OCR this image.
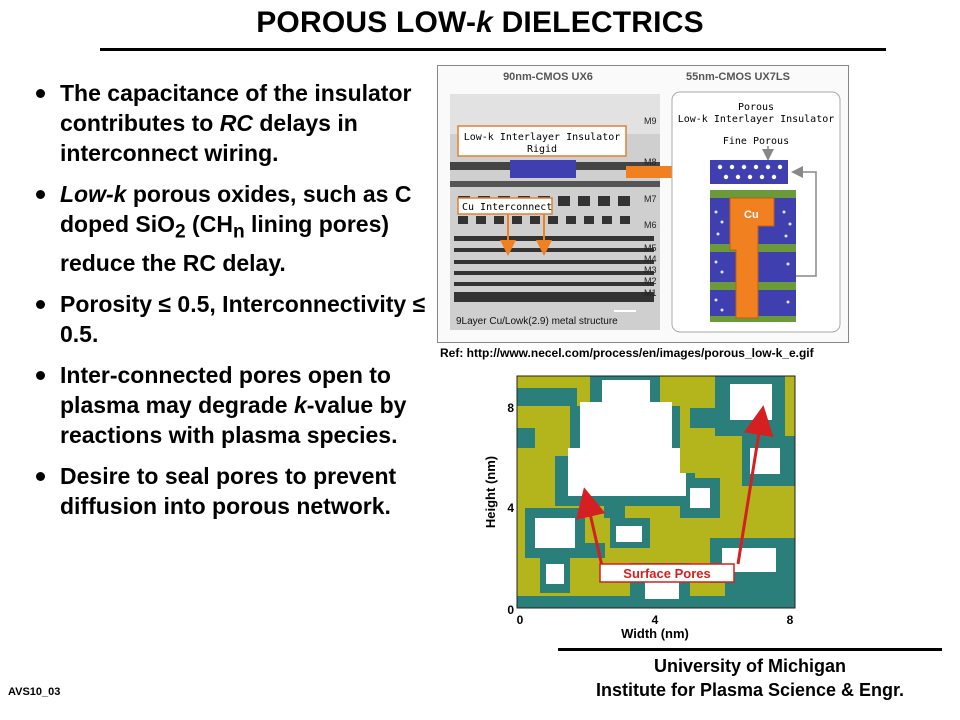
POROUS LOW-k DIELECTRICS
The capacitance of the insulator contributes to RC delays in interconnect wiring.
Low-k porous oxides, such as C doped SiO$_2$ ($CH_n$ lining pores) reduce the RC delay.
Porosity ≤ 0.5, Interconnectivity ≤ 0.5.
Inter-connected pores open to plasma may degrade k-value by reactions with plasma species.
Desire to seal pores to prevent diffusion into porous network.
90nm-CMOS UX6	55nm-CMOS UX7LS
9Layer Cu/Lowk(2.9) metal structure
Low-k Interlayer Insulator
Rigid
Cu Interconnect
M9
M8
M7
M6
M5
M4
M3
M2
M1
Porous
Low-k Interlayer Insulator
Fine Porous
Cu
Ref: http://www.necel.com/process/en/images/porous_low-k_e.gif
8
4
0
0	4	8
Width (nm)
Height (nm)
Surface Pores
University of Michigan
Institute for Plasma Science & Engr.
AVS10_03
